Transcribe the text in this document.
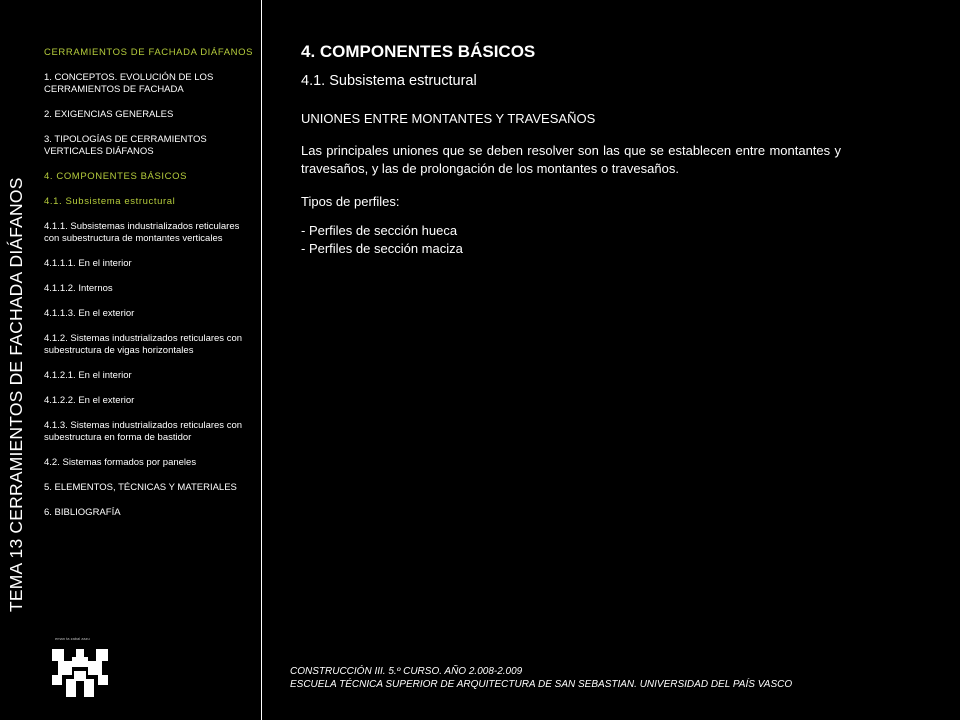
TEMA 13 CERRAMIENTOS DE FACHADA DIÁFANOS
CERRAMIENTOS DE FACHADA DIÁFANOS
1. CONCEPTOS. EVOLUCIÓN DE LOS CERRAMIENTOS DE FACHADA
2. EXIGENCIAS GENERALES
3. TIPOLOGÍAS DE CERRAMIENTOS VERTICALES DIÁFANOS
4. COMPONENTES BÁSICOS
4.1. Subsistema estructural
4.1.1. Subsistemas industrializados reticulares con subestructura de montantes verticales
4.1.1.1. En el interior
4.1.1.2. Internos
4.1.1.3. En el exterior
4.1.2. Sistemas industrializados reticulares con subestructura de vigas horizontales
4.1.2.1. En el interior
4.1.2.2. En el exterior
4.1.3. Sistemas industrializados reticulares con subestructura en forma de bastidor
4.2. Sistemas formados por paneles
5. ELEMENTOS, TÉCNICAS Y MATERIALES
6. BIBLIOGRAFÍA
eman ta zabal zazu
4. COMPONENTES BÁSICOS
4.1. Subsistema estructural
UNIONES ENTRE MONTANTES Y TRAVESAÑOS
Las principales uniones que se deben resolver son las que se establecen entre montantes y travesaños, y las de prolongación de los montantes o travesaños.
Tipos de perfiles:
- Perfiles de sección hueca
- Perfiles de sección maciza
CONSTRUCCIÓN III. 5.º CURSO. AÑO 2.008-2.009
ESCUELA TÉCNICA SUPERIOR DE ARQUITECTURA DE SAN SEBASTIAN. UNIVERSIDAD DEL PAÍS VASCO
